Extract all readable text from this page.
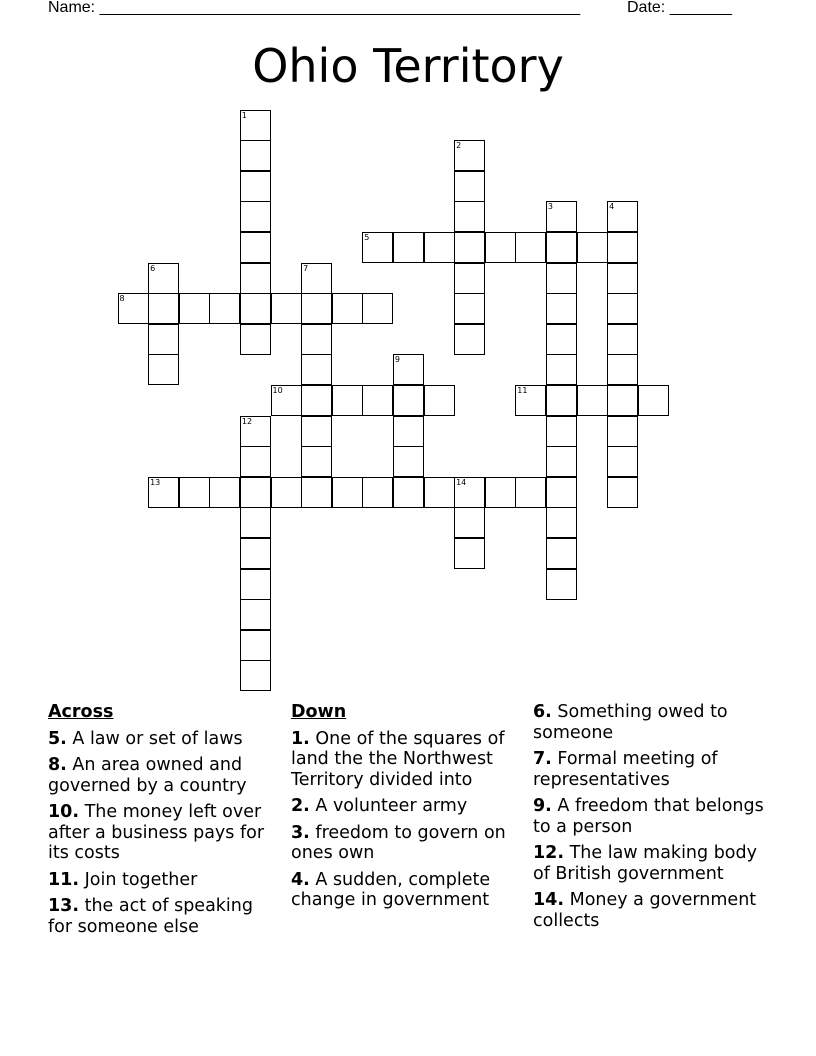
Name: ______________________________________________________	Date: _______
Ohio Territory
1
2
3	4
5
6	7
8
9
10	11
12
13	14
Across
5. A law or set of laws
8. An area owned and governed by a country
10. The money left over after a business pays for its costs
11. Join together
13. the act of speaking for someone else
Down
1. One of the squares of land the the Northwest Territory divided into
2. A volunteer army
3. freedom to govern on ones own
4. A sudden, complete change in government
6. Something owed to someone
7. Formal meeting of representatives
9. A freedom that belongs to a person
12. The law making body of British government
14. Money a government collects
